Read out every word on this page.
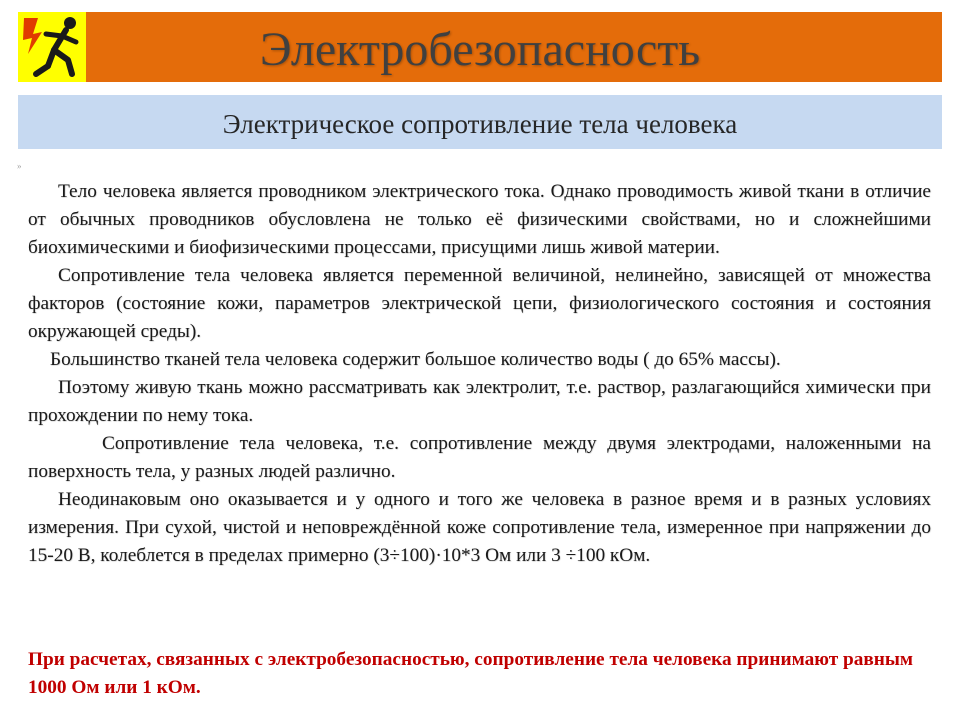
Электробезопасность
Электрическое сопротивление тела человека
»

Тело человека является проводником электрического тока. Однако проводимость живой ткани в отличие от обычных проводников обусловлена не только её физическими свойствами, но и сложнейшими биохимическими и биофизическими процессами, присущими лишь живой материи.

Сопротивление тела человека является переменной величиной, нелинейно, зависящей от множества факторов (состояние кожи, параметров электрической цепи, физиологического состояния и состояния окружающей среды).

Большинство тканей тела человека содержит большое количество воды ( до 65% массы).

Поэтому живую ткань можно рассматривать как электролит, т.е. раствор, разлагающийся химически при прохождении по нему тока.

Сопротивление тела человека, т.е. сопротивление между двумя электродами, наложенными на поверхность тела, у разных людей различно.

Неодинаковым оно оказывается и у одного и того же человека в разное время и в разных условиях измерения. При сухой, чистой и неповреждённой коже сопротивление тела, измеренное при напряжении до 15-20 В, колеблется в пределах примерно (3÷100)·10*3 Ом или 3 ÷100 кОм.

При расчетах, связанных с электробезопасностью, сопротивление тела человека принимают равным 1000 Ом или 1 кОм.
